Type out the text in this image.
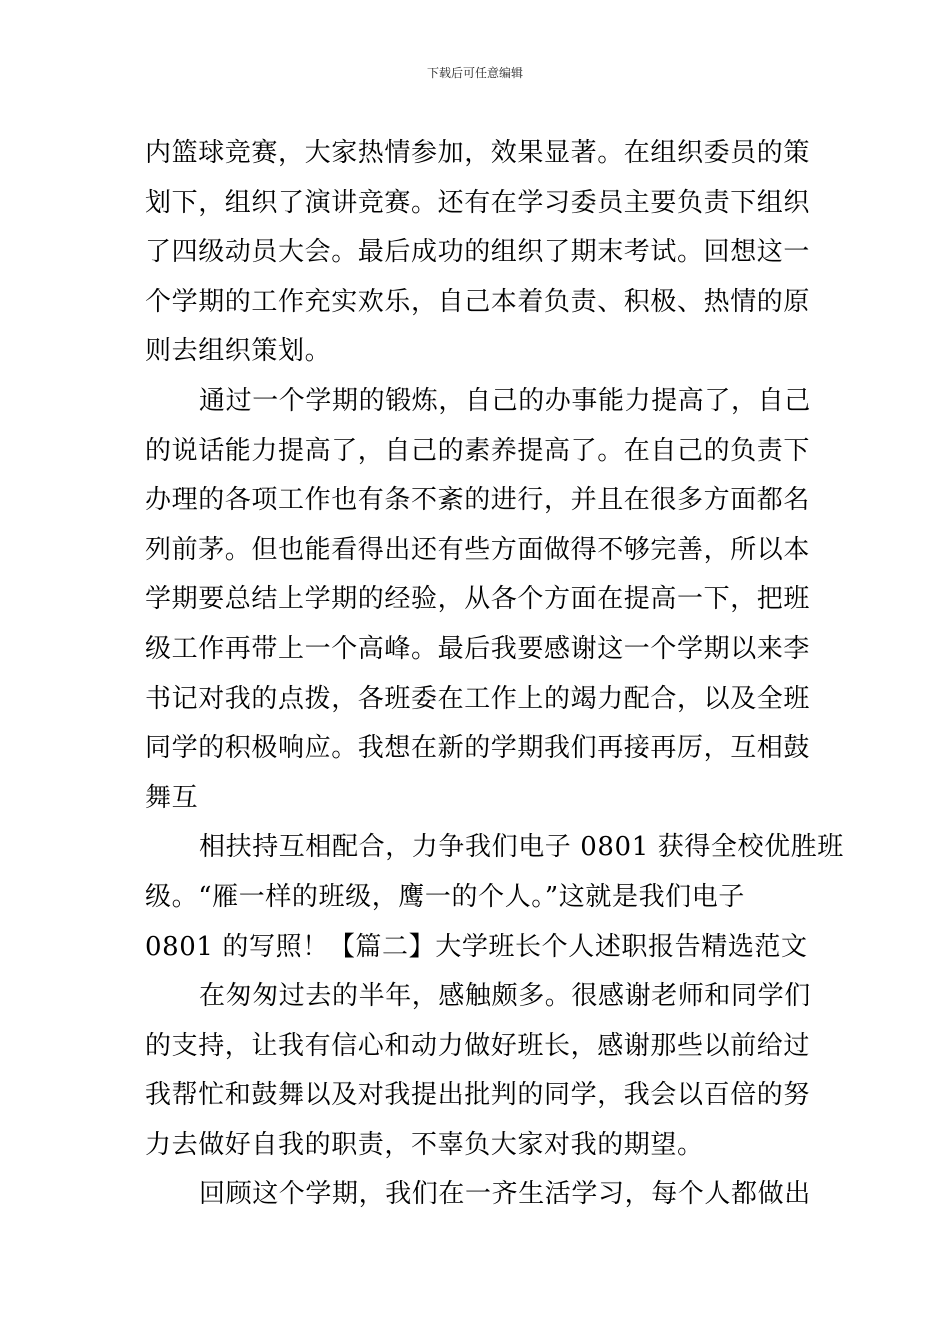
下载后可任意编辑
内篮球竞赛，大家热情参加，效果显著。在组织委员的策
划下，组织了演讲竞赛。还有在学习委员主要负责下组织
了四级动员大会。最后成功的组织了期末考试。回想这一
个学期的工作充实欢乐，自己本着负责、积极、热情的原
则去组织策划。
通过一个学期的锻炼，自己的办事能力提高了，自己
的说话能力提高了，自己的素养提高了。在自己的负责下
办理的各项工作也有条不紊的进行，并且在很多方面都名
列前茅。但也能看得出还有些方面做得不够完善，所以本
学期要总结上学期的经验，从各个方面在提高一下，把班
级工作再带上一个高峰。最后我要感谢这一个学期以来李
书记对我的点拨，各班委在工作上的竭力配合，以及全班
同学的积极响应。我想在新的学期我们再接再厉，互相鼓
舞互
相扶持互相配合，力争我们电子 0801 获得全校优胜班
级。“雁一样的班级，鹰一的个人。”这就是我们电子
0801 的写照！【篇二】大学班长个人述职报告精选范文
在匆匆过去的半年，感触颇多。很感谢老师和同学们
的支持，让我有信心和动力做好班长，感谢那些以前给过
我帮忙和鼓舞以及对我提出批判的同学，我会以百倍的努
力去做好自我的职责，不辜负大家对我的期望。
回顾这个学期，我们在一齐生活学习，每个人都做出
